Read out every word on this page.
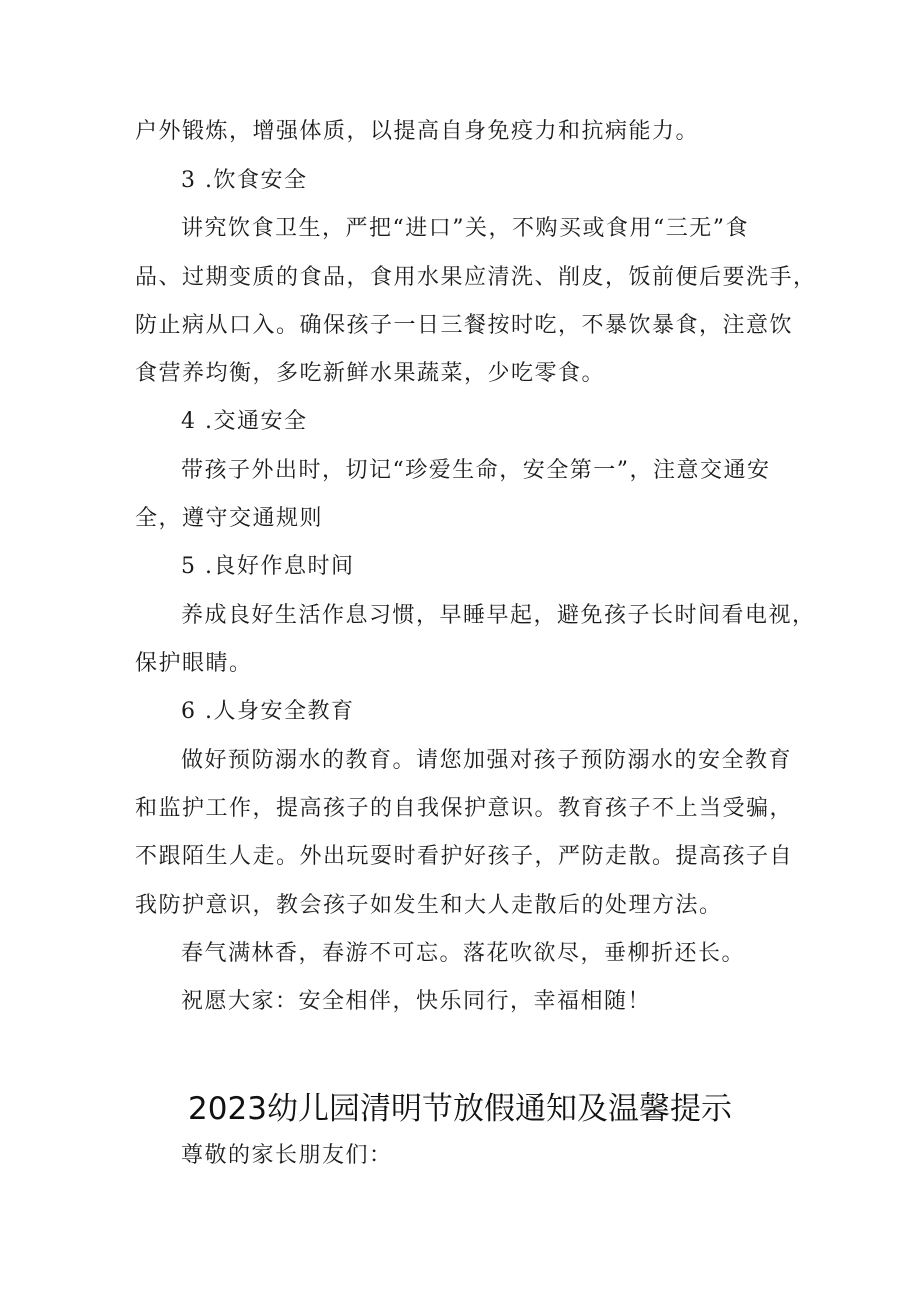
户外锻炼，增强体质，以提高自身免疫力和抗病能力。
3 .饮食安全
讲究饮食卫生，严把“进口”关，不购买或食用“三无”食
品、过期变质的食品，食用水果应清洗、削皮，饭前便后要洗手，
防止病从口入。确保孩子一日三餐按时吃，不暴饮暴食，注意饮
食营养均衡，多吃新鲜水果蔬菜，少吃零食。
4 .交通安全
带孩子外出时，切记“珍爱生命，安全第一”，注意交通安
全，遵守交通规则
5 .良好作息时间
养成良好生活作息习惯，早睡早起，避免孩子长时间看电视，
保护眼睛。
6 .人身安全教育
做好预防溺水的教育。请您加强对孩子预防溺水的安全教育
和监护工作，提高孩子的自我保护意识。教育孩子不上当受骗，
不跟陌生人走。外出玩耍时看护好孩子，严防走散。提高孩子自
我防护意识，教会孩子如发生和大人走散后的处理方法。
春气满林香，春游不可忘。落花吹欲尽，垂柳折还长。
祝愿大家：安全相伴，快乐同行，幸福相随！
2023幼儿园清明节放假通知及温馨提示
尊敬的家长朋友们：
